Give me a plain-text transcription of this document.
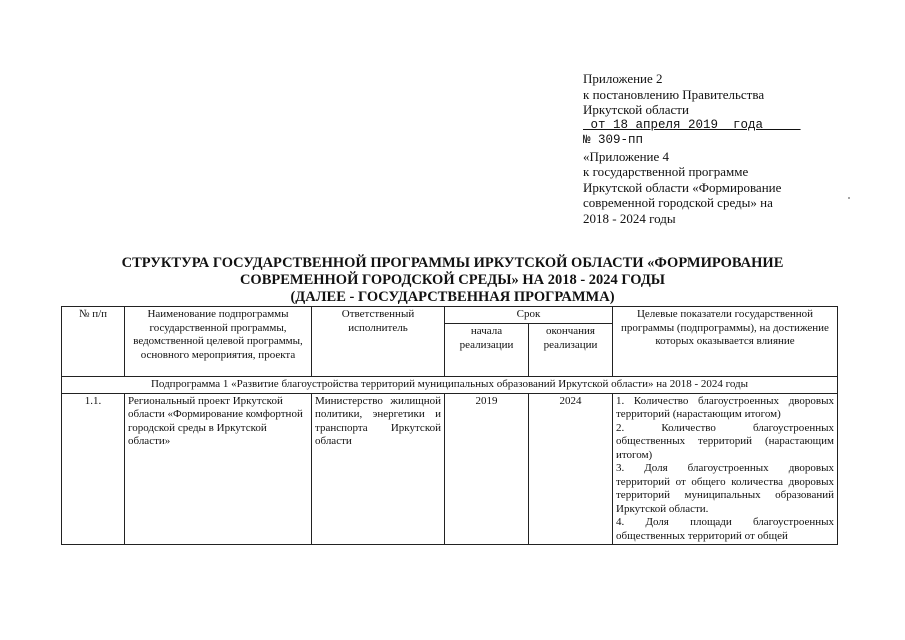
Приложение 2
к постановлению Правительства
Иркутской области
от 18 апреля 2019  года
№ 309-пп
«Приложение 4
к государственной программе
Иркутской области «Формирование
современной городской среды» на
2018 - 2024 годы
СТРУКТУРА ГОСУДАРСТВЕННОЙ ПРОГРАММЫ ИРКУТСКОЙ ОБЛАСТИ «ФОРМИРОВАНИЕ
СОВРЕМЕННОЙ ГОРОДСКОЙ СРЕДЫ» НА 2018 - 2024 ГОДЫ
(ДАЛЕЕ - ГОСУДАРСТВЕННАЯ ПРОГРАММА)
№ п/п	Наименование подпрограммы государственной программы, ведомственной целевой программы, основного мероприятия, проекта	Ответственный исполнитель	Срок		Целевые показатели государственной программы (подпрограммы), на достижение которых оказывается влияние
			начала реализации	окончания реализации	
Подпрограмма 1 «Развитие благоустройства территорий муниципальных образований Иркутской области» на 2018 - 2024 годы					
1.1.	Региональный проект Иркутской области «Формирование комфортной городской среды в Иркутской области»	Министерство жилищной политики, энергетики и транспорта Иркутской области	2019	2024	1. Количество благоустроенных дворовых территорий (нарастающим итогом)
2. Количество благоустроенных общественных территорий (нарастающим итогом)
3. Доля благоустроенных дворовых территорий от общего количества дворовых территорий муниципальных образований Иркутской области.
4. Доля площади благоустроенных общественных территорий от общей
